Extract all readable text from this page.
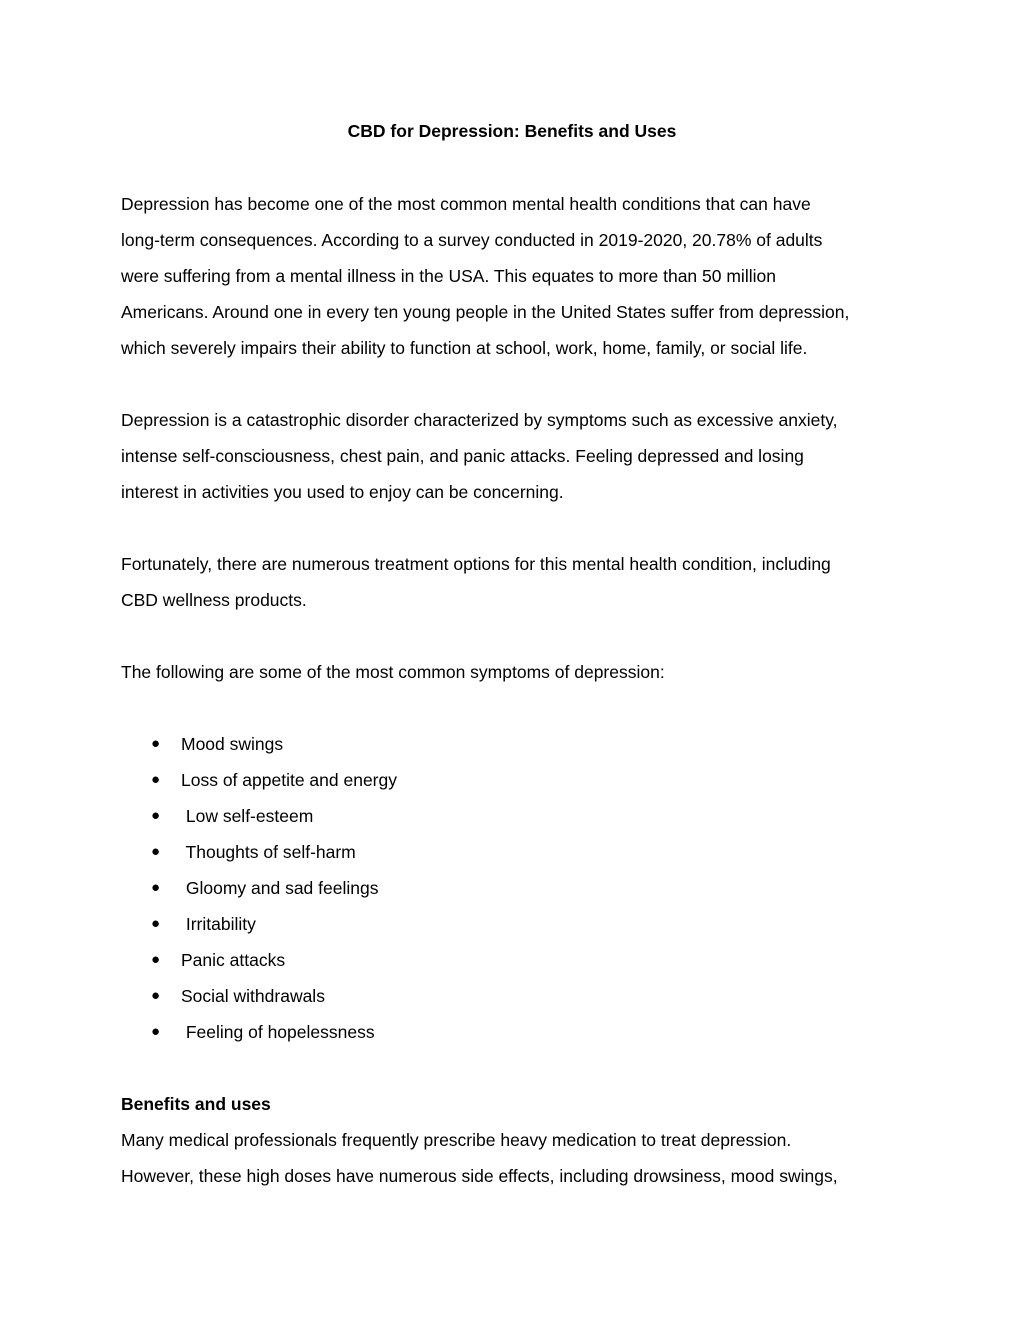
CBD for Depression: Benefits and Uses

Depression has become one of the most common mental health conditions that can have
long-term consequences. According to a survey conducted in 2019-2020, 20.78% of adults
were suffering from a mental illness in the USA. This equates to more than 50 million
Americans. Around one in every ten young people in the United States suffer from depression,
which severely impairs their ability to function at school, work, home, family, or social life.

Depression is a catastrophic disorder characterized by symptoms such as excessive anxiety,
intense self-consciousness, chest pain, and panic attacks. Feeling depressed and losing
interest in activities you used to enjoy can be concerning.

Fortunately, there are numerous treatment options for this mental health condition, including
CBD wellness products.

The following are some of the most common symptoms of depression:

● Mood swings
● Loss of appetite and energy
● Low self-esteem
● Thoughts of self-harm
● Gloomy and sad feelings
● Irritability
● Panic attacks
● Social withdrawals
● Feeling of hopelessness
Benefits and uses

Many medical professionals frequently prescribe heavy medication to treat depression.
However, these high doses have numerous side effects, including drowsiness, mood swings,
